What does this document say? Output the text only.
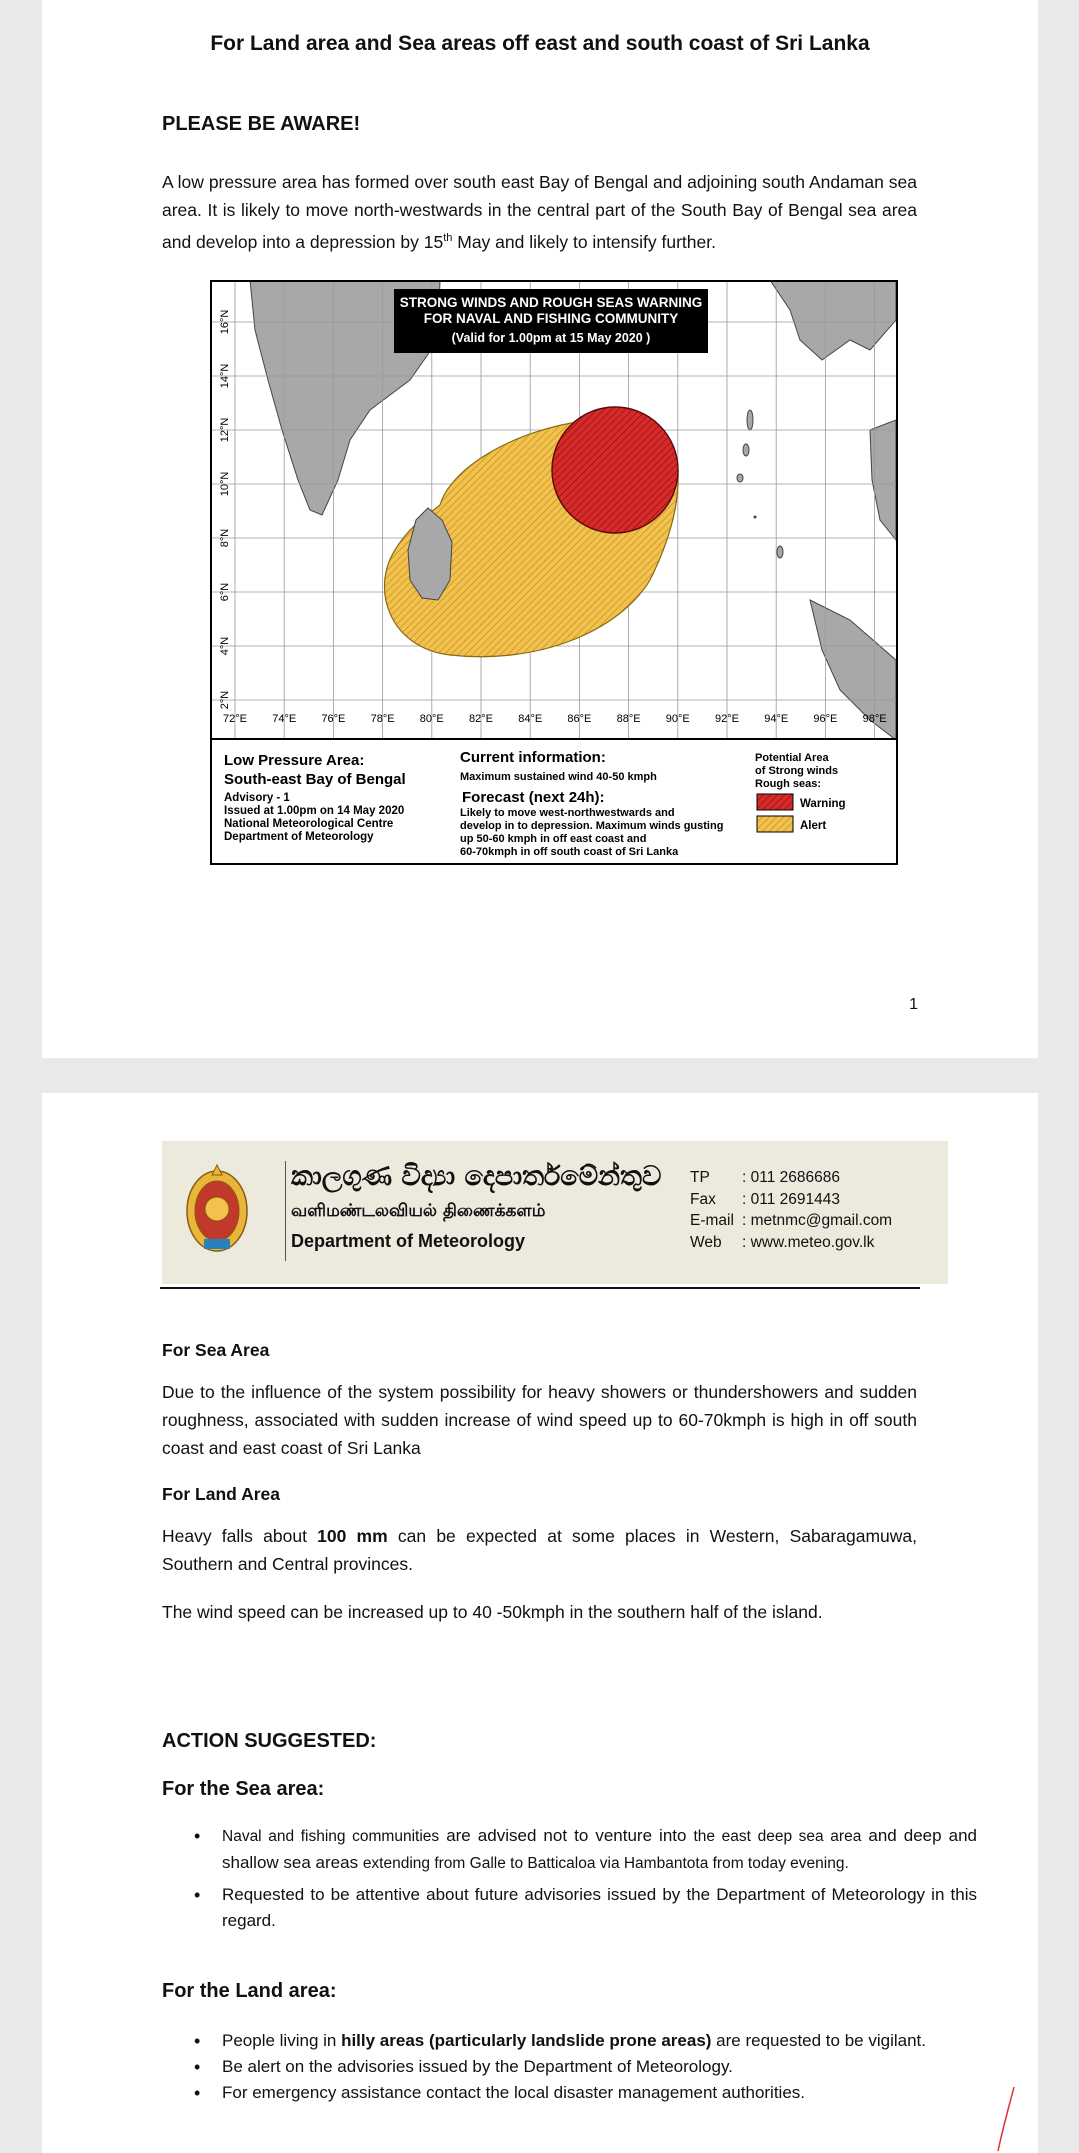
For Land area and Sea areas off east and south coast of Sri Lanka
PLEASE BE AWARE!
A low pressure area has formed over south east Bay of Bengal and adjoining south Andaman sea area. It is likely to move north-westwards in the central part of the South Bay of Bengal sea area and develop into a depression by 15th May and likely to intensify further.
STRONG WINDS AND ROUGH SEAS WARNING
FOR NAVAL AND FISHING COMMUNITY
(Valid for 1.00pm at 15 May 2020 )
72°E 74°E 76°E 78°E 80°E 82°E 84°E 86°E 88°E 90°E 92°E 94°E 96°E 98°E
2°N
4°N
6°N
8°N
10°N
12°N
14°N
16°N
Low Pressure Area:
South-east Bay of Bengal
Advisory - 1
Issued at 1.00pm on 14 May 2020
National Meteorological Centre
Department of Meteorology
Current information:
Maximum sustained wind 40-50 kmph
Forecast (next 24h):
Likely to move west-northwestwards and
develop in to depression. Maximum winds gusting
up 50-60 kmph in off east coast and
60-70kmph in off south coast of Sri Lanka
Potential Area
of Strong winds
Rough seas:
Warning
Alert
1
කාලගුණ විද්‍යා දෙපාර්තමේන්තුව
வளிமண்டலவியல் திணைக்களம்
Department of Meteorology
TP : 011 2686686
Fax : 011 2691443
E-mail : metnmc@gmail.com
Web : www.meteo.gov.lk
For Sea Area
Due to the influence of the system possibility for heavy showers or thundershowers and sudden roughness, associated with sudden increase of wind speed up to 60-70kmph is high in off south coast and east coast of Sri Lanka
For Land Area
Heavy falls about 100 mm can be expected at some places in Western, Sabaragamuwa, Southern and Central provinces.
The wind speed can be increased up to 40 -50kmph in the southern half of the island.
ACTION SUGGESTED:
For the Sea area:
• Naval and fishing communities are advised not to venture into the east deep sea area and deep and shallow sea areas extending from Galle to Batticaloa via Hambantota from today evening.
• Requested to be attentive about future advisories issued by the Department of Meteorology in this regard.
For the Land area:
• People living in hilly areas (particularly landslide prone areas) are requested to be vigilant.
• Be alert on the advisories issued by the Department of Meteorology.
• For emergency assistance contact the local disaster management authorities.
